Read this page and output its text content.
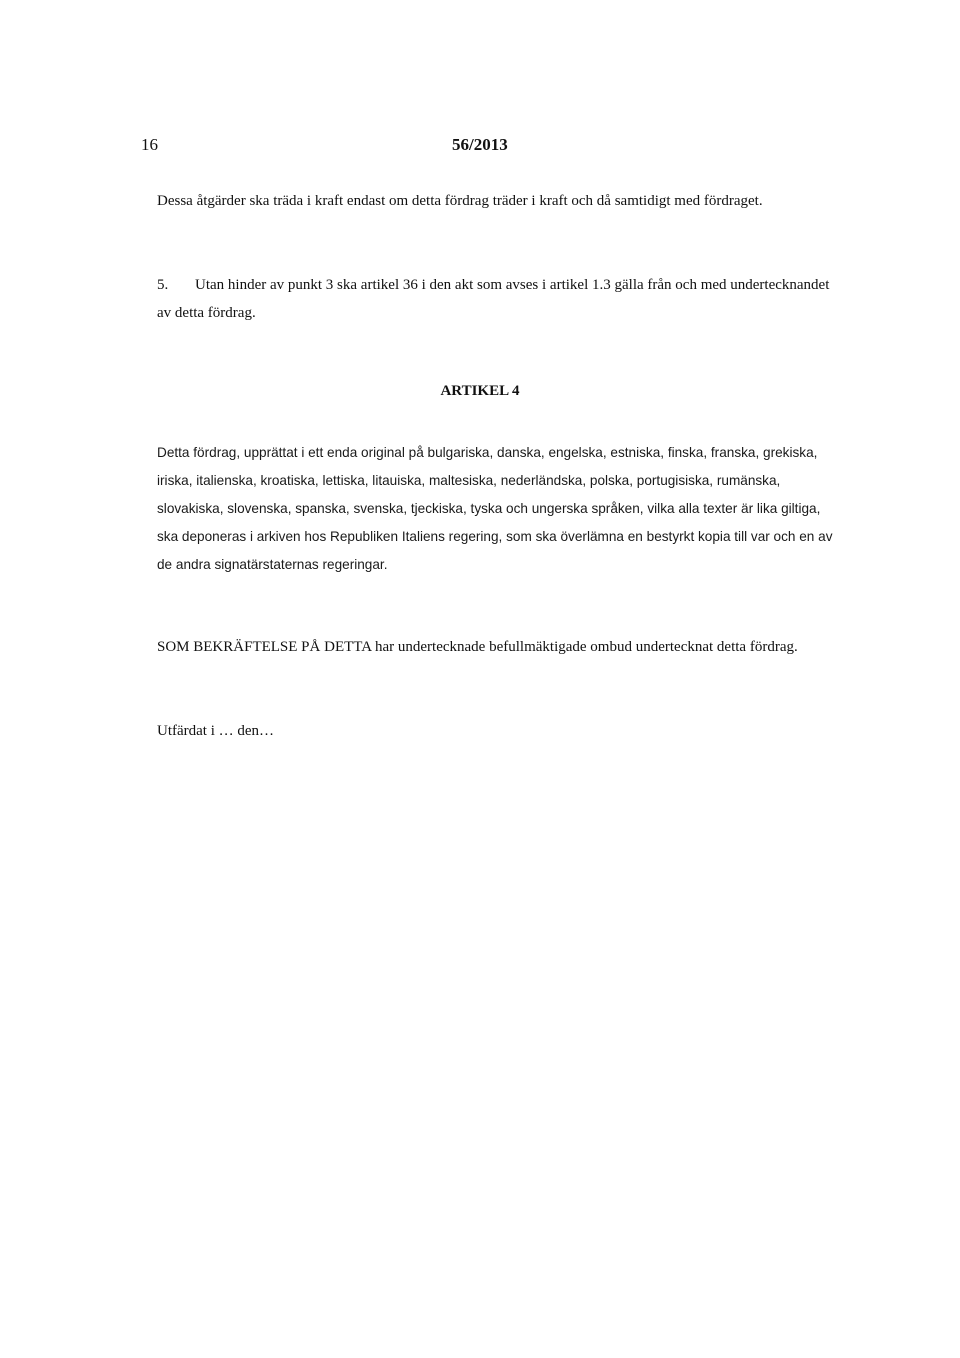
16	56/2013

Dessa åtgärder ska träda i kraft endast om detta fördrag träder i kraft och då samtidigt med fördraget.

5. Utan hinder av punkt 3 ska artikel 36 i den akt som avses i artikel 1.3 gälla från och med undertecknandet av detta fördrag.

ARTIKEL 4

Detta fördrag, upprättat i ett enda original på bulgariska, danska, engelska, estniska, finska, franska, grekiska, iriska, italienska, kroatiska, lettiska, litauiska, maltesiska, nederländska, polska, portugisiska, rumänska, slovakiska, slovenska, spanska, svenska, tjeckiska, tyska och ungerska språken, vilka alla texter är lika giltiga, ska deponeras i arkiven hos Republiken Italiens regering, som ska överlämna en bestyrkt kopia till var och en av de andra signatärstaternas regeringar.

SOM BEKRÄFTELSE PÅ DETTA har undertecknade befullmäktigade ombud undertecknat detta fördrag.

Utfärdat i … den…
